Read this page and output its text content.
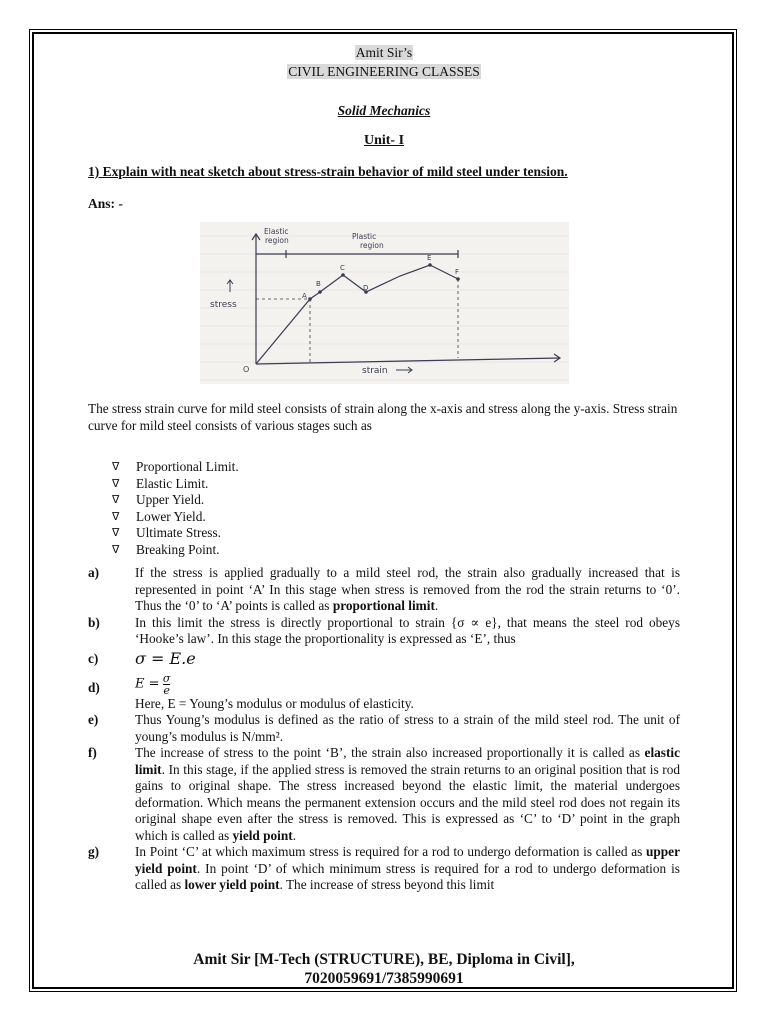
Amit Sir’s
CIVIL ENGINEERING CLASSES
Solid Mechanics
Unit- I
1) Explain with neat sketch about stress-strain behavior of mild steel under tension.
Ans: -
Elastic
region	Plastic
region
stress
strain
O
A
B
C
D
E
F
The stress strain curve for mild steel consists of strain along the x-axis and stress along the y-axis. Stress strain curve for mild steel consists of various stages such as
∇ Proportional Limit.
∇ Elastic Limit.
∇ Upper Yield.
∇ Lower Yield.
∇ Ultimate Stress.
∇ Breaking Point.
a)	If the stress is applied gradually to a mild steel rod, the strain also gradually increased that is represented in point ‘A’ In this stage when stress is removed from the rod the strain returns to ‘0’. Thus the ‘0’ to ‘A’ points is called as proportional limit.
b)	In this limit the stress is directly proportional to strain {σ ∝ e}, that means the steel rod obeys ‘Hooke’s law’. In this stage the proportionality is expressed as ‘E’, thus
c) σ = E.e
d)	$E = \frac{\sigma}{e}$
Here, E = Young’s modulus or modulus of elasticity.
e)	Thus Young’s modulus is defined as the ratio of stress to a strain of the mild steel rod. The unit of young’s modulus is N/mm².
f)	The increase of stress to the point ‘B’, the strain also increased proportionally it is called as elastic limit. In this stage, if the applied stress is removed the strain returns to an original position that is rod gains to original shape. The stress increased beyond the elastic limit, the material undergoes deformation. Which means the permanent extension occurs and the mild steel rod does not regain its original shape even after the stress is removed. This is expressed as ‘C’ to ‘D’ point in the graph which is called as yield point.
g)	In Point ‘C’ at which maximum stress is required for a rod to undergo deformation is called as upper yield point. In point ‘D’ of which minimum stress is required for a rod to undergo deformation is called as lower yield point. The increase of stress beyond this limit
Amit Sir [M-Tech (STRUCTURE), BE, Diploma in Civil],
7020059691/7385990691
